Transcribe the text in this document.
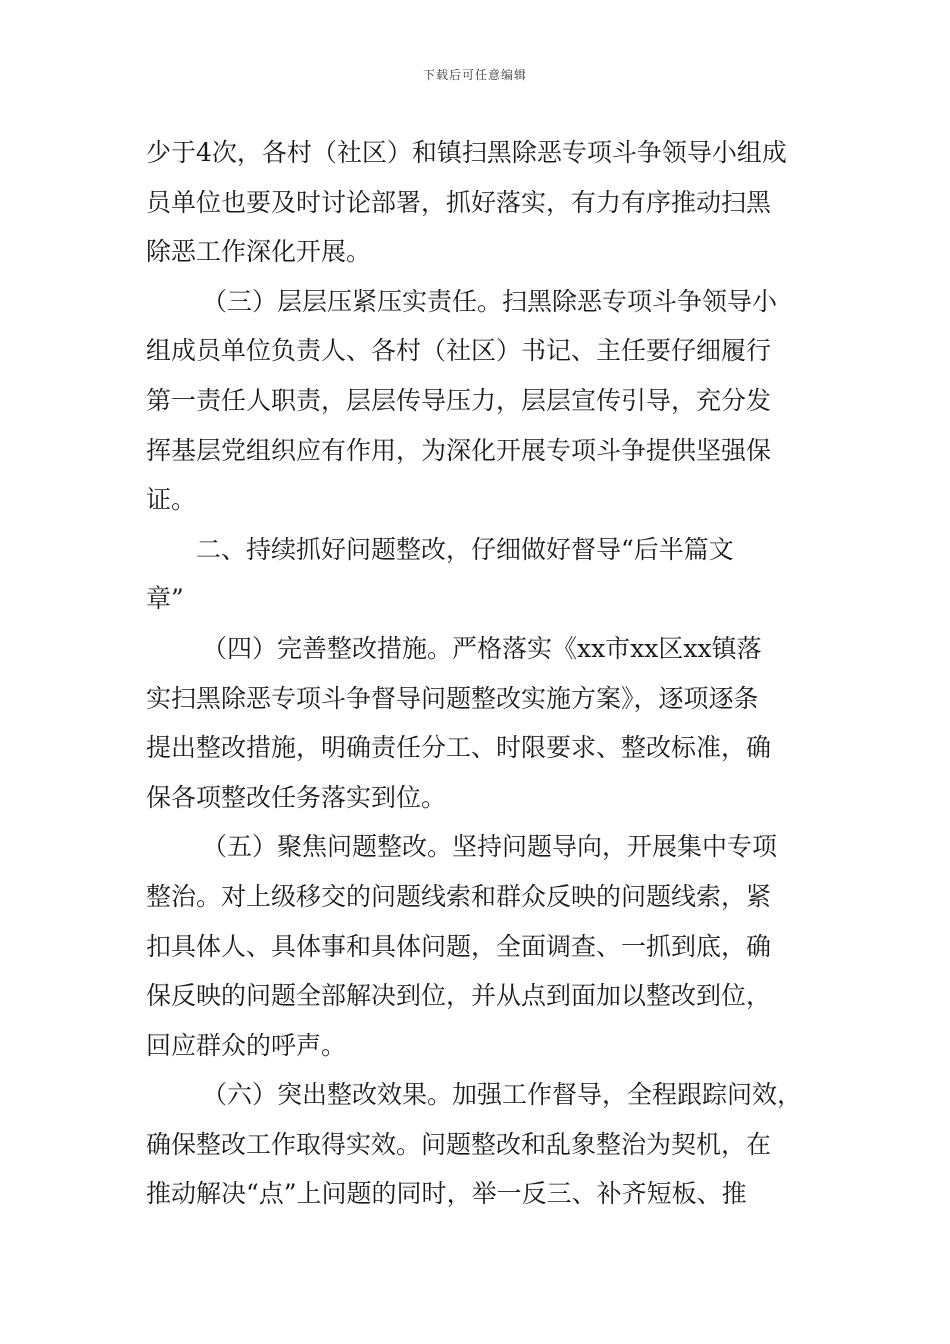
下载后可任意编辑
少于4次，各村（社区）和镇扫黑除恶专项斗争领导小组成
员单位也要及时讨论部署，抓好落实，有力有序推动扫黑
除恶工作深化开展。
（三）层层压紧压实责任。扫黑除恶专项斗争领导小
组成员单位负责人、各村（社区）书记、主任要仔细履行
第一责任人职责，层层传导压力，层层宣传引导，充分发
挥基层党组织应有作用，为深化开展专项斗争提供坚强保
证。
二、持续抓好问题整改，仔细做好督导“后半篇文
章”
（四）完善整改措施。严格落实《xx市xx区xx镇落
实扫黑除恶专项斗争督导问题整改实施方案》，逐项逐条
提出整改措施，明确责任分工、时限要求、整改标准，确
保各项整改任务落实到位。
（五）聚焦问题整改。坚持问题导向，开展集中专项
整治。对上级移交的问题线索和群众反映的问题线索，紧
扣具体人、具体事和具体问题，全面调查、一抓到底，确
保反映的问题全部解决到位，并从点到面加以整改到位，
回应群众的呼声。
（六）突出整改效果。加强工作督导，全程跟踪问效，
确保整改工作取得实效。问题整改和乱象整治为契机，在
推动解决“点”上问题的同时，举一反三、补齐短板、推
